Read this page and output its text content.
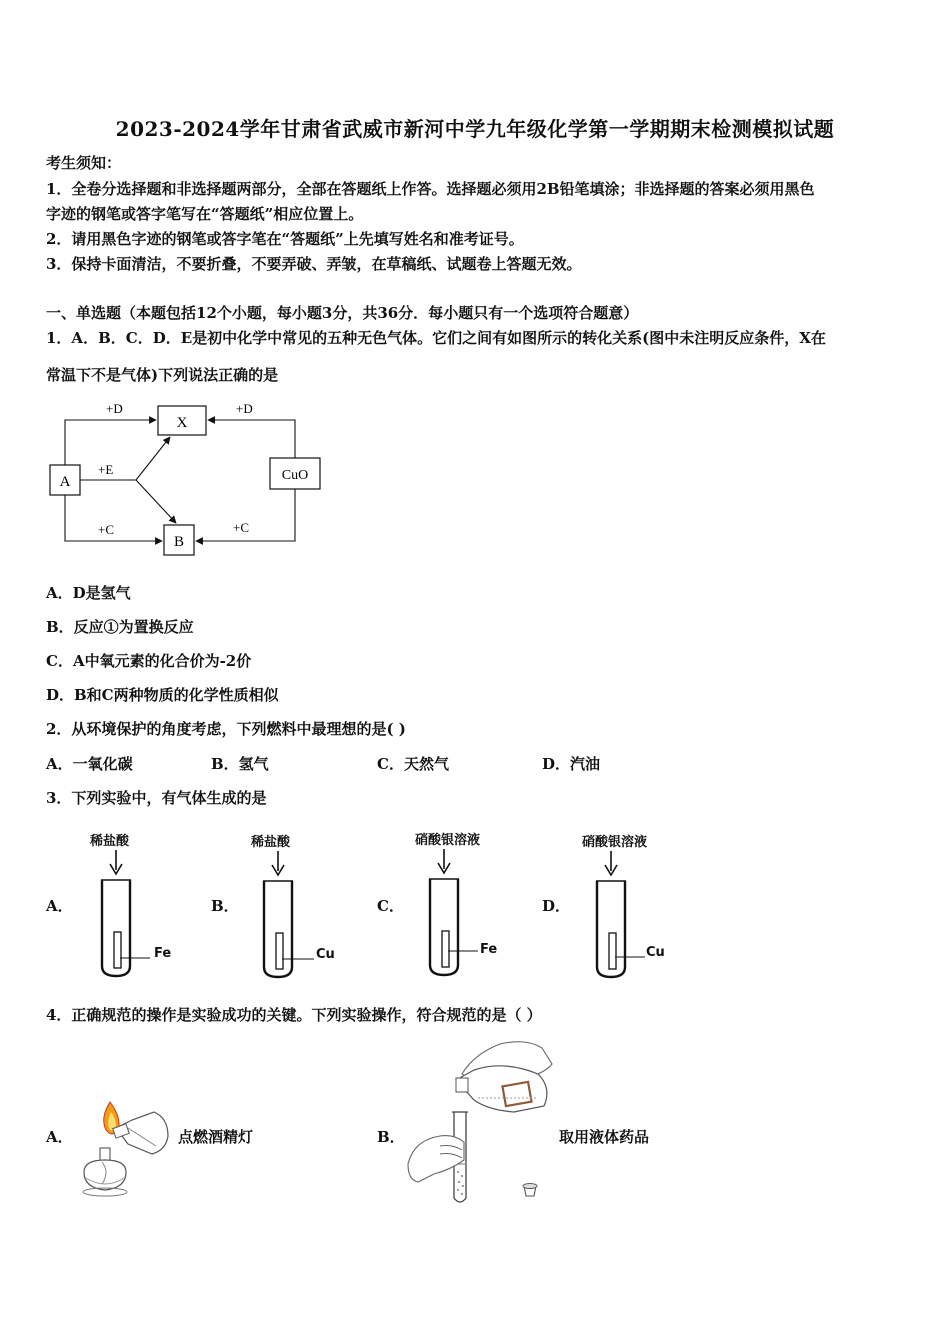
2023-2024学年甘肃省武威市新河中学九年级化学第一学期期末检测模拟试题
考生须知：
1．全卷分选择题和非选择题两部分，全部在答题纸上作答。选择题必须用2B铅笔填涂；非选择题的答案必须用黑色
字迹的钢笔或答字笔写在“答题纸”相应位置上。
2．请用黑色字迹的钢笔或答字笔在“答题纸”上先填写姓名和准考证号。
3．保持卡面清洁，不要折叠，不要弄破、弄皱，在草稿纸、试题卷上答题无效。
一、单选题（本题包括12个小题，每小题3分，共36分．每小题只有一个选项符合题意）
1．A．B．C．D．E是初中化学中常见的五种无色气体。它们之间有如图所示的转化关系(图中未注明反应条件，X在
常温下不是气体)下列说法正确的是
A
X
B
CuO
+D	+D
+E
+C	+C
A．D是氢气
B．反应①为置换反应
C．A中氧元素的化合价为-2价
D．B和C两种物质的化学性质相似
2．从环境保护的角度考虑，下列燃料中最理想的是( )
A．一氧化碳	B．氢气	C．天然气	D．汽油
3．下列实验中，有气体生成的是
A．
稀盐酸
Fe
B．
稀盐酸
Cu
C．
硝酸银溶液
Fe
D．
硝酸银溶液
Cu
4．正确规范的操作是实验成功的关键。下列实验操作，符合规范的是（ ）
A．	点燃酒精灯	B．	取用液体药品
